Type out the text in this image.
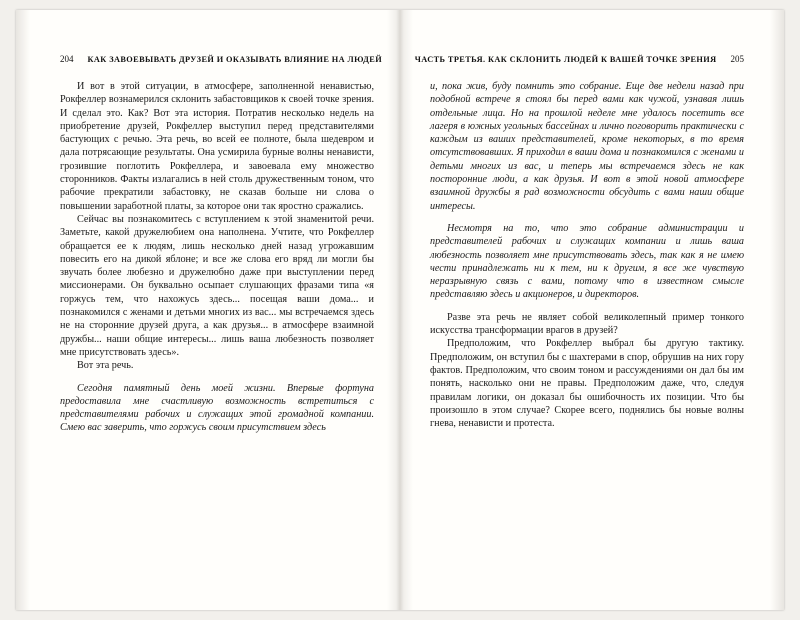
204 КАК ЗАВОЕВЫВАТЬ ДРУЗЕЙ И ОКАЗЫВАТЬ ВЛИЯНИЕ НА ЛЮДЕЙ

И вот в этой ситуации, в атмосфере, заполненной ненавистью, Рокфеллер вознамерился склонить забастовщиков к своей точке зрения. И сделал это. Как? Вот эта история. Потратив несколько недель на приобретение друзей, Рокфеллер выступил перед представителями бастующих с речью. Эта речь, во всей ее полноте, была шедевром и дала потрясающие результаты. Она усмирила бурные волны ненависти, грозившие поглотить Рокфеллера, и завоевала ему множество сторонников. Факты излагались в ней столь дружественным тоном, что рабочие прекратили забастовку, не сказав больше ни слова о повышении заработной платы, за которое они так яростно сражались.

Сейчас вы познакомитесь с вступлением к этой знаменитой речи. Заметьте, какой дружелюбием она наполнена. Учтите, что Рокфеллер обращается ее к людям, лишь несколько дней назад угрожавшим повесить его на дикой яблоне; и все же слова его вряд ли могли бы звучать более любезно и дружелюбно даже при выступлении перед миссионерами. Он буквально осыпает слушающих фразами типа «я горжусь тем, что нахожусь здесь... посещая ваши дома... и познакомился с женами и детьми многих из вас... мы встречаемся здесь не на сторонние друзей друга, а как друзья... в атмосфере взаимной дружбы... наши общие интересы... лишь ваша любезность позволяет мне присутствовать здесь».

Вот эта речь.

Сегодня памятный день моей жизни. Впервые фортуна предоставила мне счастливую возможность встретиться с представителями рабочих и служащих этой громадной компании. Смею вас заверить, что горжусь своим присутствием здесь

ЧАСТЬ ТРЕТЬЯ. КАК СКЛОНИТЬ ЛЮДЕЙ К ВАШЕЙ ТОЧКЕ ЗРЕНИЯ 205

и, пока жив, буду помнить это собрание. Еще две недели назад при подобной встрече я стоял бы перед вами как чужой, узнавая лишь отдельные лица. Но на прошлой неделе мне удалось посетить все лагеря в южных угольных бассейнах и лично поговорить практически с каждым из ваших представителей, кроме некоторых, в то время отсутствовавших. Я приходил в ваши дома и познакомился с женами и детьми многих из вас, и теперь мы встречаемся здесь не как посторонние люди, а как друзья. И вот в этой новой атмосфере взаимной дружбы я рад возможности обсудить с вами наши общие интересы.

Несмотря на то, что это собрание администрации и представителей рабочих и служащих компании и лишь ваша любезность позволяет мне присутствовать здесь, так как я не имею чести принадлежать ни к тем, ни к другим, я все же чувствую неразрывную связь с вами, потому что в известном смысле представляю здесь и акционеров, и директоров.

Разве эта речь не являет собой великолепный пример тонкого искусства трансформации врагов в друзей?

Предположим, что Рокфеллер выбрал бы другую тактику. Предположим, он вступил бы с шахтерами в спор, обрушив на них гору фактов. Предположим, что своим тоном и рассуждениями он дал бы им понять, насколько они не правы. Предположим даже, что, следуя правилам логики, он доказал бы ошибочность их позиции. Что бы произошло в этом случае? Скорее всего, поднялись бы новые волны гнева, ненависти и протеста.
